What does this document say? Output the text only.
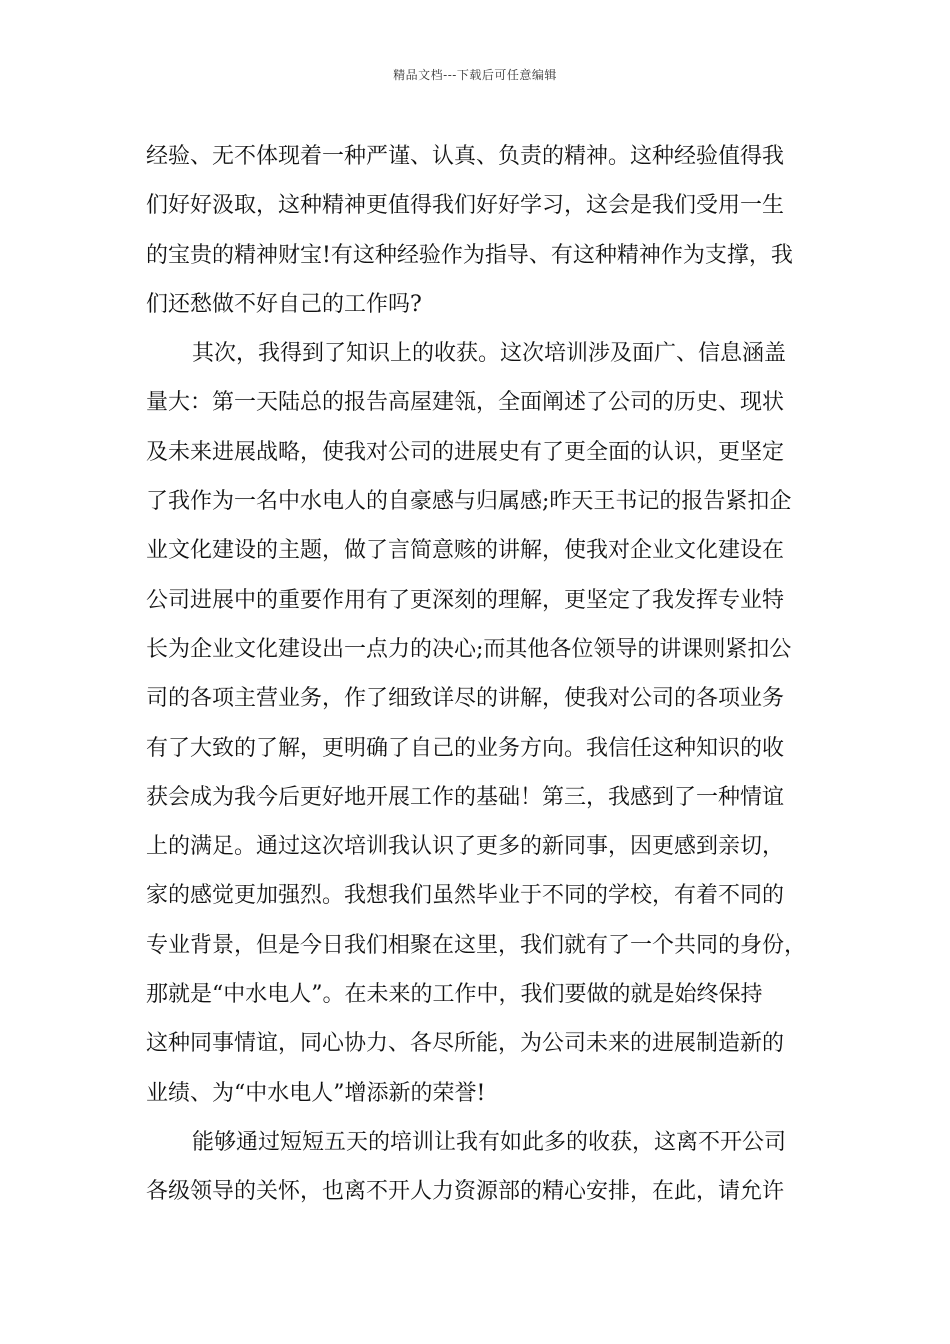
精品文档---下载后可任意编辑
经验、无不体现着一种严谨、认真、负责的精神。这种经验值得我
们好好汲取，这种精神更值得我们好好学习，这会是我们受用一生
的宝贵的精神财宝!有这种经验作为指导、有这种精神作为支撑，我
们还愁做不好自己的工作吗?
其次，我得到了知识上的收获。这次培训涉及面广、信息涵盖
量大：第一天陆总的报告高屋建瓴，全面阐述了公司的历史、现状
及未来进展战略，使我对公司的进展史有了更全面的认识，更坚定
了我作为一名中水电人的自豪感与归属感;昨天王书记的报告紧扣企
业文化建设的主题，做了言简意赅的讲解，使我对企业文化建设在
公司进展中的重要作用有了更深刻的理解，更坚定了我发挥专业特
长为企业文化建设出一点力的决心;而其他各位领导的讲课则紧扣公
司的各项主营业务，作了细致详尽的讲解，使我对公司的各项业务
有了大致的了解，更明确了自己的业务方向。我信任这种知识的收
获会成为我今后更好地开展工作的基础！第三，我感到了一种情谊
上的满足。通过这次培训我认识了更多的新同事，因更感到亲切，
家的感觉更加强烈。我想我们虽然毕业于不同的学校，有着不同的
专业背景，但是今日我们相聚在这里，我们就有了一个共同的身份，
那就是“中水电人”。在未来的工作中，我们要做的就是始终保持
这种同事情谊，同心协力、各尽所能，为公司未来的进展制造新的
业绩、为“中水电人”增添新的荣誉!
能够通过短短五天的培训让我有如此多的收获，这离不开公司
各级领导的关怀，也离不开人力资源部的精心安排，在此，请允许
